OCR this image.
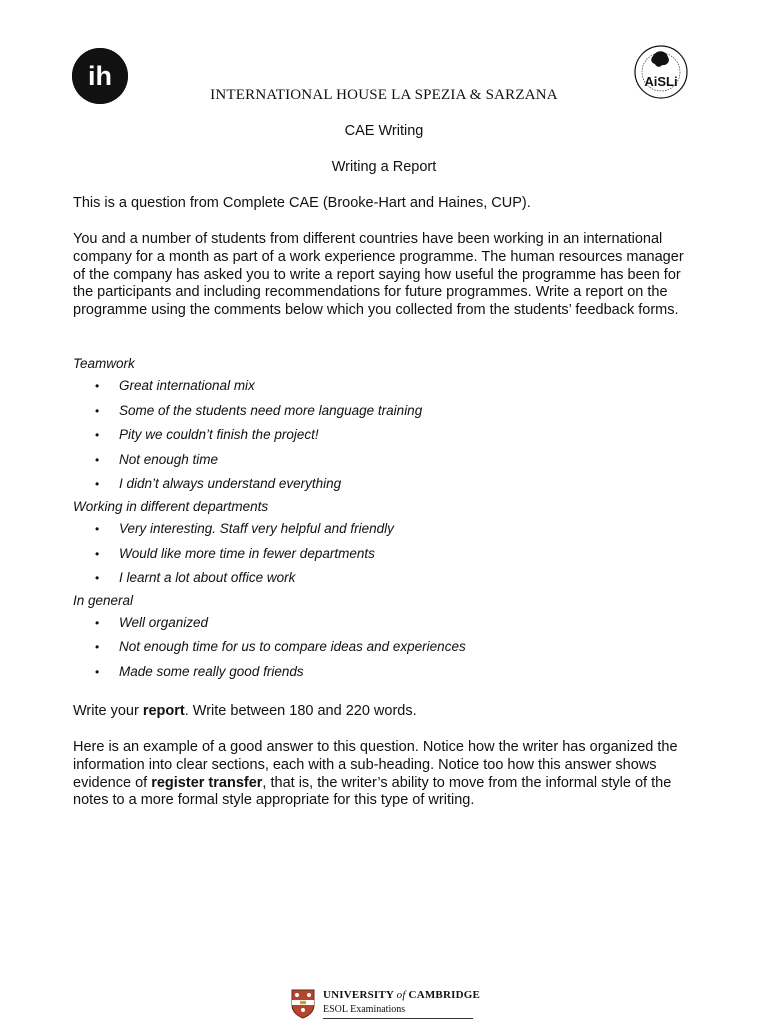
ih	AiSLi
INTERNATIONAL HOUSE LA SPEZIA & SARZANA
CAE Writing
Writing a Report
This is a question from Complete CAE (Brooke-Hart and Haines, CUP).
You and a number of students from different countries have been working in an international company for a month as part of a work experience programme. The human resources manager of the company has asked you to write a report saying how useful the programme has been for the participants and including recommendations for future programmes. Write a report on the programme using the comments below which you collected from the students’ feedback forms.
Teamwork
• Great international mix
• Some of the students need more language training
• Pity we couldn’t finish the project!
• Not enough time
• I didn’t always understand everything
Working in different departments
• Very interesting. Staff very helpful and friendly
• Would like more time in fewer departments
• I learnt a lot about office work
In general
• Well organized
• Not enough time for us to compare ideas and experiences
• Made some really good friends
Write your report. Write between 180 and 220 words.
Here is an example of a good answer to this question. Notice how the writer has organized the information into clear sections, each with a sub-heading. Notice too how this answer shows evidence of register transfer, that is, the writer’s ability to move from the informal style of the notes to a more formal style appropriate for this type of writing.
UNIVERSITY of CAMBRIDGE
ESOL Examinations
